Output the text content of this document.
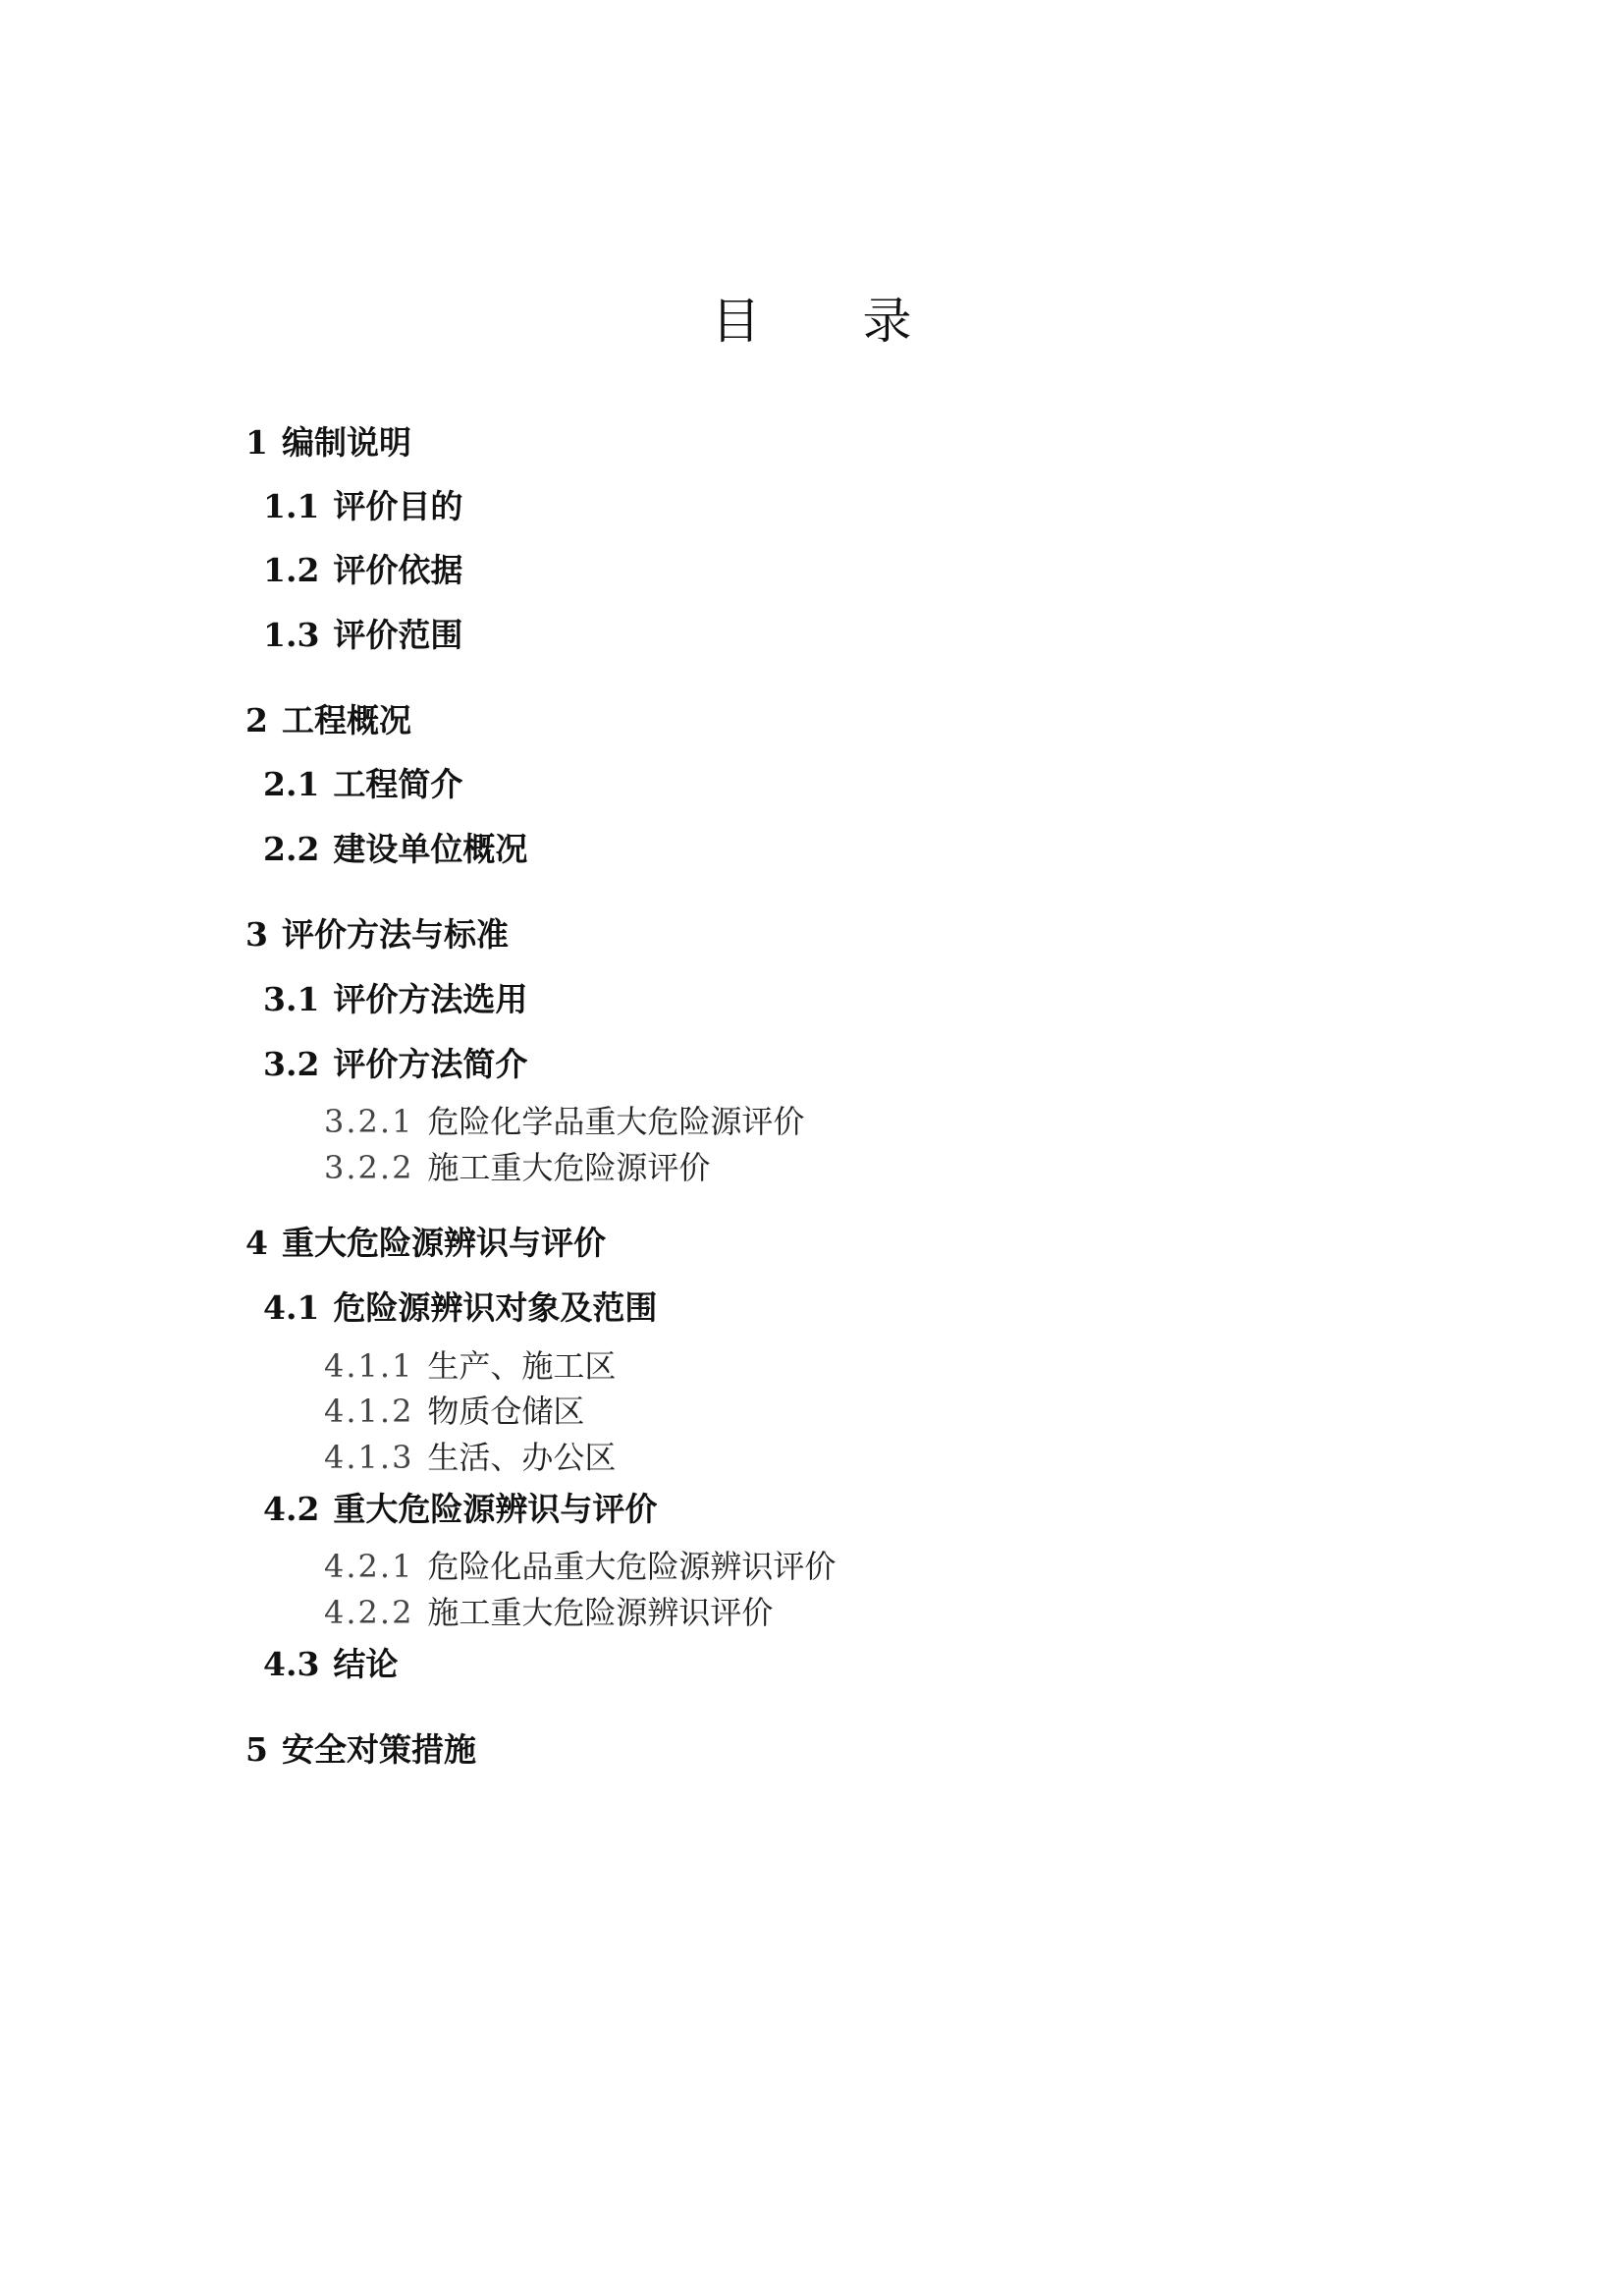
目 录
1 编制说明
1.1 评价目的
1.2 评价依据
1.3 评价范围
2 工程概况
2.1 工程简介
2.2 建设单位概况
3 评价方法与标准
3.1 评价方法选用
3.2 评价方法简介
3.2.1 危险化学品重大危险源评价
3.2.2 施工重大危险源评价
4 重大危险源辨识与评价
4.1 危险源辨识对象及范围
4.1.1 生产、施工区
4.1.2 物质仓储区
4.1.3 生活、办公区
4.2 重大危险源辨识与评价
4.2.1 危险化品重大危险源辨识评价
4.2.2 施工重大危险源辨识评价
4.3 结论
5 安全对策措施
